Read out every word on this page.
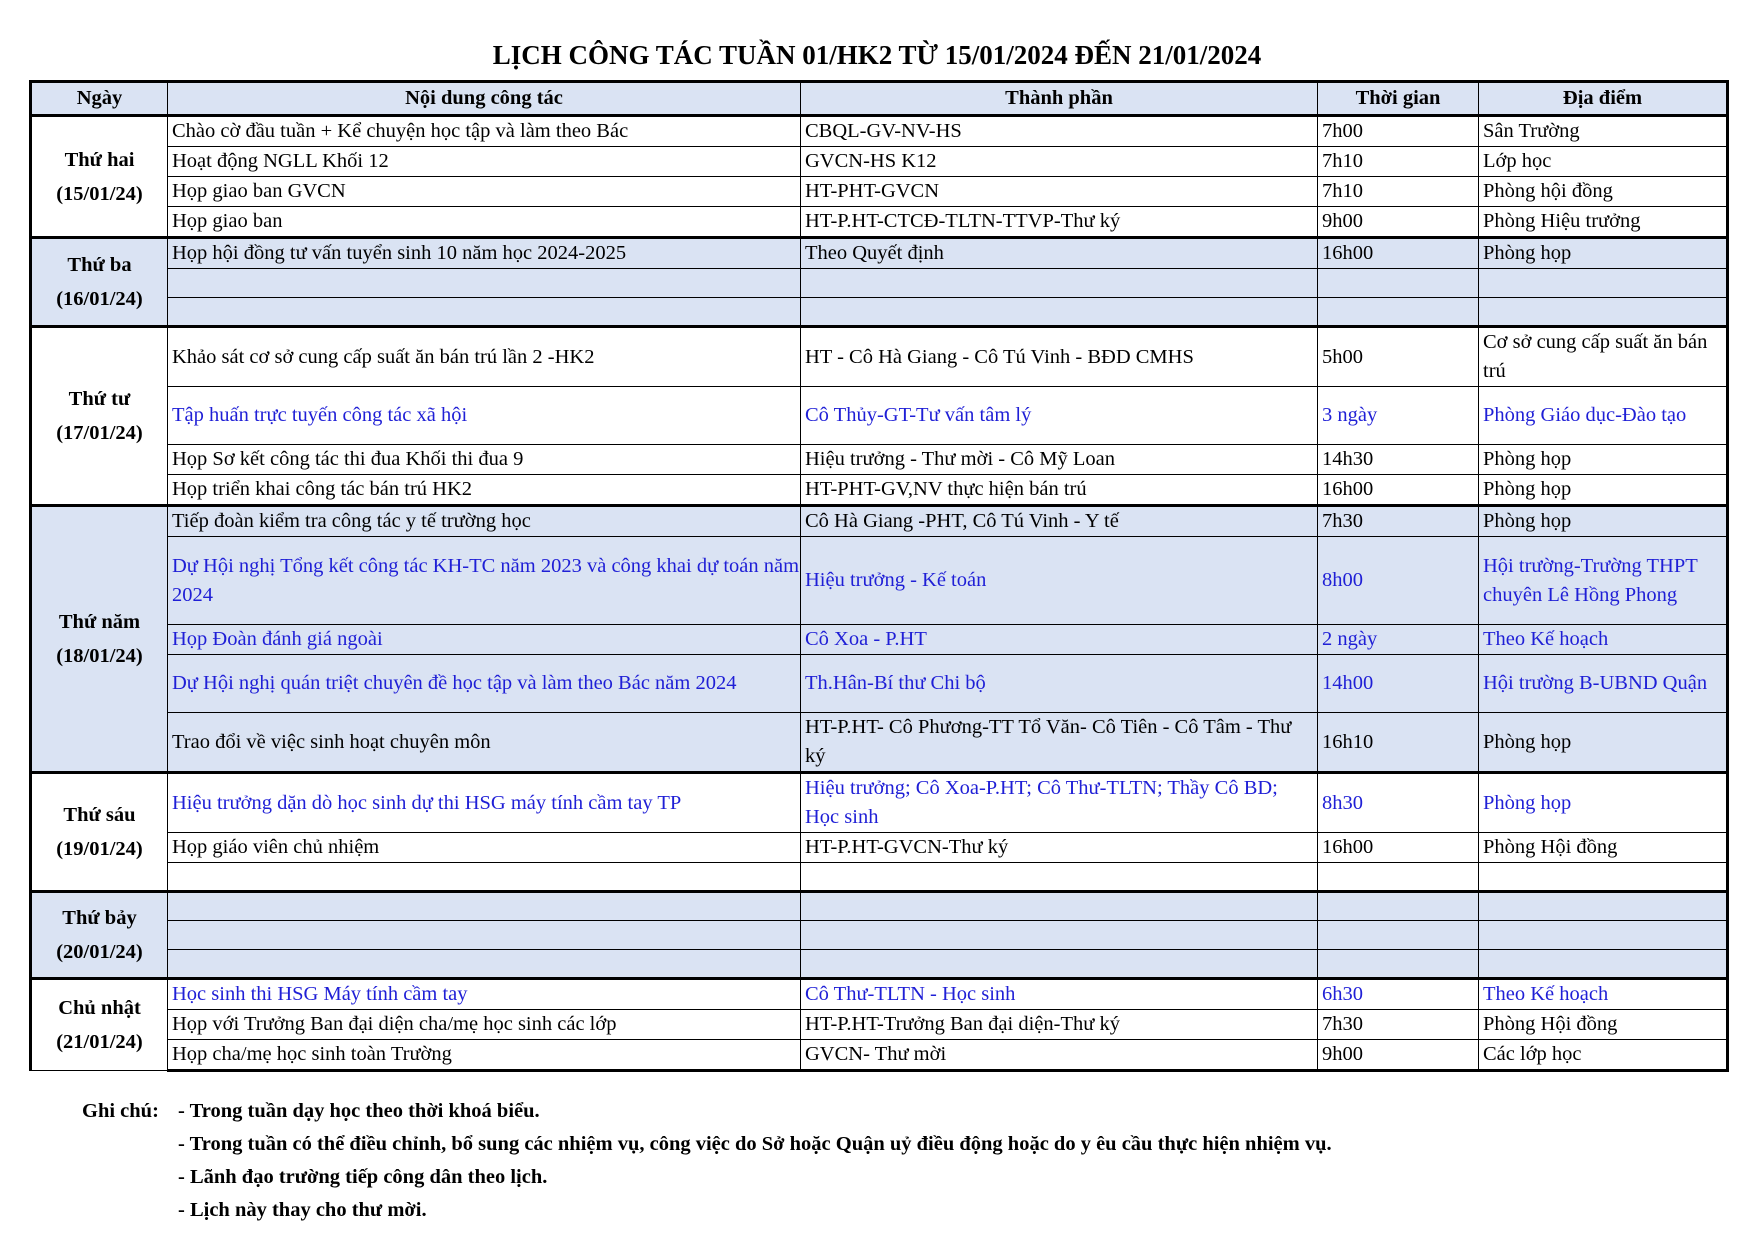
LỊCH CÔNG TÁC TUẦN 01/HK2 TỪ 15/01/2024 ĐẾN 21/01/2024
Ngày	Nội dung công tác	Thành phần	Thời gian	Địa điểm

Thứ hai
(15/01/24)	Chào cờ đầu tuần + Kể chuyện học tập và làm theo Bác	CBQL-GV-NV-HS	7h00	Sân Trường
	Hoạt động NGLL Khối 12	GVCN-HS K12	7h10	Lớp học
	Họp giao ban GVCN	HT-PHT-GVCN	7h10	Phòng hội đồng
	Họp giao ban	HT-P.HT-CTCĐ-TLTN-TTVP-Thư ký	9h00	Phòng Hiệu trưởng

Thứ ba
(16/01/24)	Họp hội đồng tư vấn tuyển sinh 10 năm học 2024-2025	Theo Quyết định	16h00	Phòng họp

Thứ tư
(17/01/24)	Khảo sát cơ sở cung cấp suất ăn bán trú lần 2 -HK2	HT - Cô Hà Giang - Cô Tú Vinh - BĐD CMHS	5h00	Cơ sở cung cấp suất ăn bán trú
	Tập huấn trực tuyến công tác xã hội	Cô Thủy-GT-Tư vấn tâm lý	3 ngày	Phòng Giáo dục-Đào tạo
	Họp Sơ kết công tác thi đua Khối thi đua 9	Hiệu trưởng - Thư mời - Cô Mỹ Loan	14h30	Phòng họp
	Họp triển khai công tác bán trú HK2	HT-PHT-GV,NV thực hiện bán trú	16h00	Phòng họp

Thứ năm
(18/01/24)	Tiếp đoàn kiểm tra công tác y tế trường học	Cô Hà Giang -PHT, Cô Tú Vinh - Y tế	7h30	Phòng họp
	Dự Hội nghị Tổng kết công tác KH-TC năm 2023 và công khai dự toán năm 2024	Hiệu trưởng - Kế toán	8h00	Hội trường-Trường THPT chuyên Lê Hồng Phong
	Họp Đoàn đánh giá ngoài	Cô Xoa - P.HT	2 ngày	Theo Kế hoạch
	Dự Hội nghị quán triệt chuyên đề học tập và làm theo Bác năm 2024	Th.Hân-Bí thư Chi bộ	14h00	Hội trường B-UBND Quận
	Trao đổi về việc sinh hoạt chuyên môn	HT-P.HT- Cô Phương-TT Tổ Văn- Cô Tiên - Cô Tâm - Thư ký	16h10	Phòng họp

Thứ sáu
(19/01/24)	Hiệu trưởng dặn dò học sinh dự thi HSG máy tính cầm tay TP	Hiệu trưởng; Cô Xoa-P.HT; Cô Thư-TLTN; Thầy Cô BD; Học sinh	8h30	Phòng họp
	Họp giáo viên chủ nhiệm	HT-P.HT-GVCN-Thư ký	16h00	Phòng Hội đồng

Thứ bảy
(20/01/24)				

Chủ nhật
(21/01/24)	Học sinh thi HSG Máy tính cầm tay	Cô Thư-TLTN - Học sinh	6h30	Theo Kế hoạch
	Họp với Trưởng Ban đại diện cha/mẹ học sinh các lớp	HT-P.HT-Trưởng Ban đại diện-Thư ký	7h30	Phòng Hội đồng
	Họp cha/mẹ học sinh toàn Trường	GVCN- Thư mời	9h00	Các lớp học
Ghi chú: - Trong tuần dạy học theo thời khoá biểu.
- Trong tuần có thể điều chỉnh, bổ sung các nhiệm vụ, công việc do Sở hoặc Quận uỷ điều động hoặc do y êu cầu thực hiện nhiệm vụ.
- Lãnh đạo trường tiếp công dân theo lịch.
- Lịch này thay cho thư mời.
